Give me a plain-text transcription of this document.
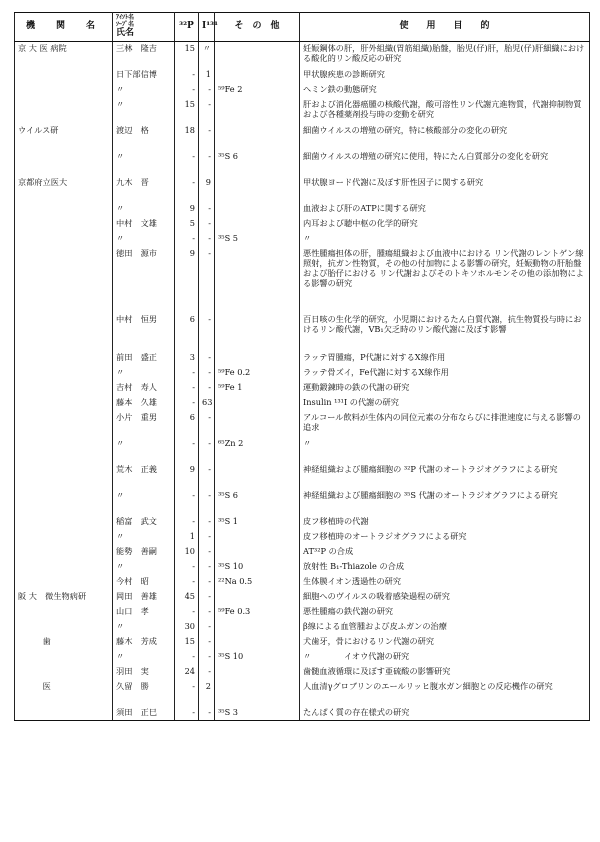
機　関　名	ｱｲｿﾄ名
ｿｰﾌﾟ名
氏名	³²P	I¹³¹	そ　の　他	使　　用　　目　　的
京 大 医 病院	三林　隆吉	15	〃		妊娠鋼体の肝，肝外組織(胃筋組織)胎盤，胎児(仔)肝，胎児(仔)肝細織における酸化的リン酸反応の研究
	日下部信博	-	1		甲状腺疾患の診断研究
	〃	-	-	⁵⁹Fe 2	ヘミン鉄の動態研究
	〃	15	-		肝および消化器癌腫の核酸代謝，酸可溶性リン代謝亢進物質，代謝抑制物質および各種薬剤投与時の変動を研究
ウイルス研	渡辺　格	18	-		細菌ウイルスの増殖の研究，特に核酸部分の変化の研究
	〃	-	-	³⁵S 6	細菌ウイルスの増殖の研究に使用，特にたん白質部分の変化を研究
京都府立医大	九木　晋	-	9		甲状腺ヨード代謝に及ぼす肝性因子に関する研究
	〃	9	-		血液および肝のATPに関する研究
	中村　文雄	5	-		内耳および聴中枢の化学的研究
	〃	-	-	³⁵S 5	〃
	徳田　源市	9	-		悪性腫瘍担体の肝，腫瘍組織および血液中における リン代謝のレントゲン線照射，抗ガン性物質，その他の付加物による影響の研究，妊娠動物の肝胎盤および胎仔における リン代謝およびそのトキソホルモンその他の添加物による影響の研究
	中村　恒男	6	-		百日咳の生化学的研究，小児期におけるたん白質代謝，抗生物質投与時におけるリン酸代謝，VB₁欠乏時のリン酸代謝に及ぼす影響
	前田　盛正	3	-		ラッテ胃腫瘍，P代謝に対するX線作用
	〃	-	-	⁵⁹Fe 0.2	ラッテ骨ズイ，Fe代謝に対するX線作用
	吉村　寿人	-	-	⁵⁹Fe 1	運動鍛錬時の鉄の代謝の研究
	藤本　久雄	-	63		Insulin ¹³¹I の代謝の研究
	小片　重男	6	-		アルコール飲料が生体内の同位元素の分布ならびに排泄速度に与える影響の追求
	〃	-	-	⁶⁵Zn 2	〃
	荒木　正義	9	-		神経組織および腫瘍細胞の ³²P 代謝のオートラジオグラフによる研究
	〃	-	-	³⁵S 6	神経組織および腫瘍細胞の ³⁵S 代謝のオートラジオグラフによる研究
	稲富　武文	-	-	³⁵S 1	皮フ移植時の代謝
	〃	1	-		皮フ移植時のオートラジオグラフによる研究
	能勢　善嗣	10	-		AT³²P の合成
	〃	-	-	³⁵S 10	放射性 B₁-Thiazole の合成
	今村　昭	-	-	²²Na 0.5	生体膜イオン透過性の研究
阪 大　微生物病研	岡田　善雄	45	-		細胞へのヴイルスの吸着感染過程の研究
	山口　孝	-	-	⁵⁹Fe 0.3	悪性腫瘍の鉄代謝の研究
	〃	30	-		β線による血管腫および皮ふガンの治療
　　　歯	藤木　芳成	15	-		犬歯牙，骨におけるリン代謝の研究
	〃	-	-	³⁵S 10	〃　　　　イオウ代謝の研究
	羽田　実	24	-		歯髄血液循環に及ぼす亜硫酸の影響研究
　　　医	久留　勝	-	2		人血清γグロブリンのエールリッヒ腹水ガン細胞との反応機作の研究
	須田　正巳	-	-	³⁵S 3	たんぱく質の存在様式の研究
